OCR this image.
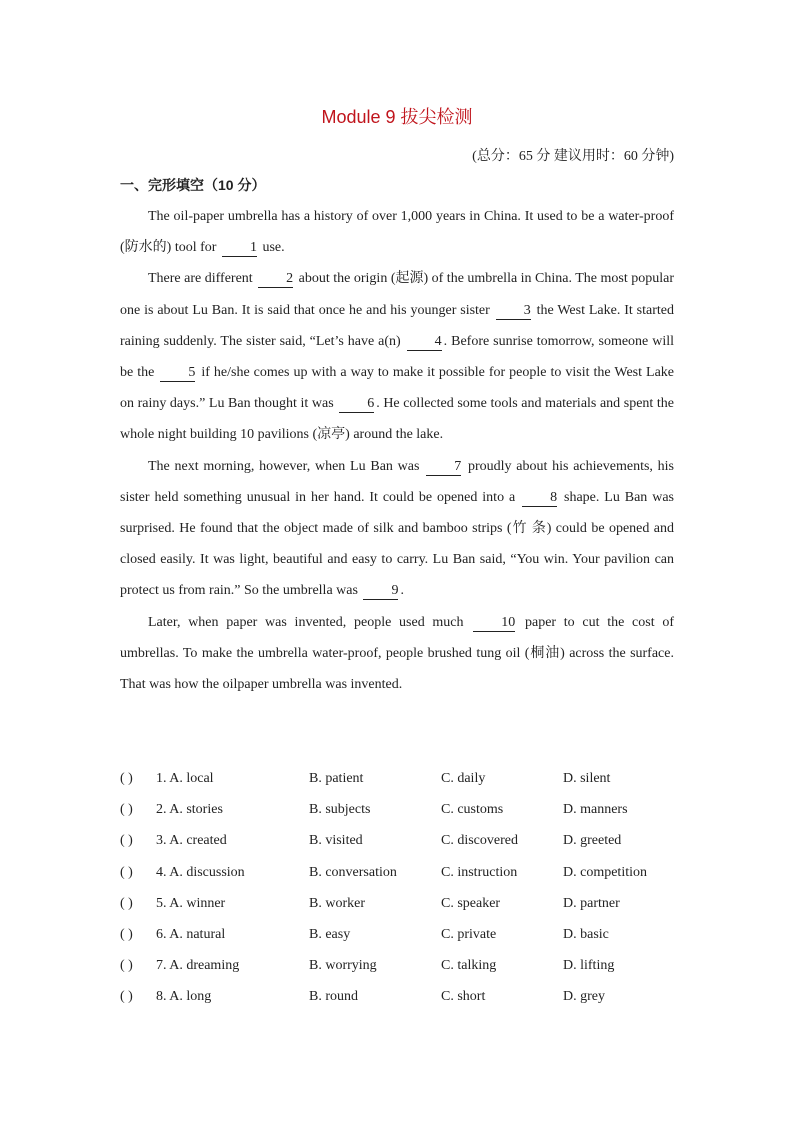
Module 9 拔尖检测
(总分：65 分 建议用时：60 分钟)
一、完形填空（10 分）

The oil-paper umbrella has a history of over 1,000 years in China. It used to be a water-proof (防水的) tool for 1 use.

There are different 2 about the origin (起源) of the umbrella in China. The most popular one is about Lu Ban. It is said that once he and his younger sister 3 the West Lake. It started raining suddenly. The sister said, “Let’s have a(n) 4 . Before sunrise tomorrow, someone will be the 5 if he/she comes up with a way to make it possible for people to visit the West Lake on rainy days.” Lu Ban thought it was 6 . He collected some tools and materials and spent the whole night building 10 pavilions (凉亭) around the lake.

The next morning, however, when Lu Ban was 7 proudly about his achievements, his sister held something unusual in her hand. It could be opened into a 8 shape. Lu Ban was surprised. He found that the object made of silk and bamboo strips (竹 条) could be opened and closed easily. It was light, beautiful and easy to carry. Lu Ban said, “You win. Your pavilion can protect us from rain.” So the umbrella was 9 .

Later, when paper was invented, people used much 10 paper to cut the cost of umbrellas. To make the umbrella water-proof, people brushed tung oil (桐油) across the surface. That was how the oilpaper umbrella was invented.

( ) 1. A. local	B. patient	C. daily	D. silent
( ) 2. A. stories	B. subjects	C. customs	D. manners
( ) 3. A. created	B. visited	C. discovered	D. greeted
( ) 4. A. discussion	B. conversation	C. instruction	D. competition
( ) 5. A. winner	B. worker	C. speaker	D. partner
( ) 6. A. natural	B. easy	C. private	D. basic
( ) 7. A. dreaming	B. worrying	C. talking	D. lifting
( ) 8. A. long	B. round	C. short	D. grey
